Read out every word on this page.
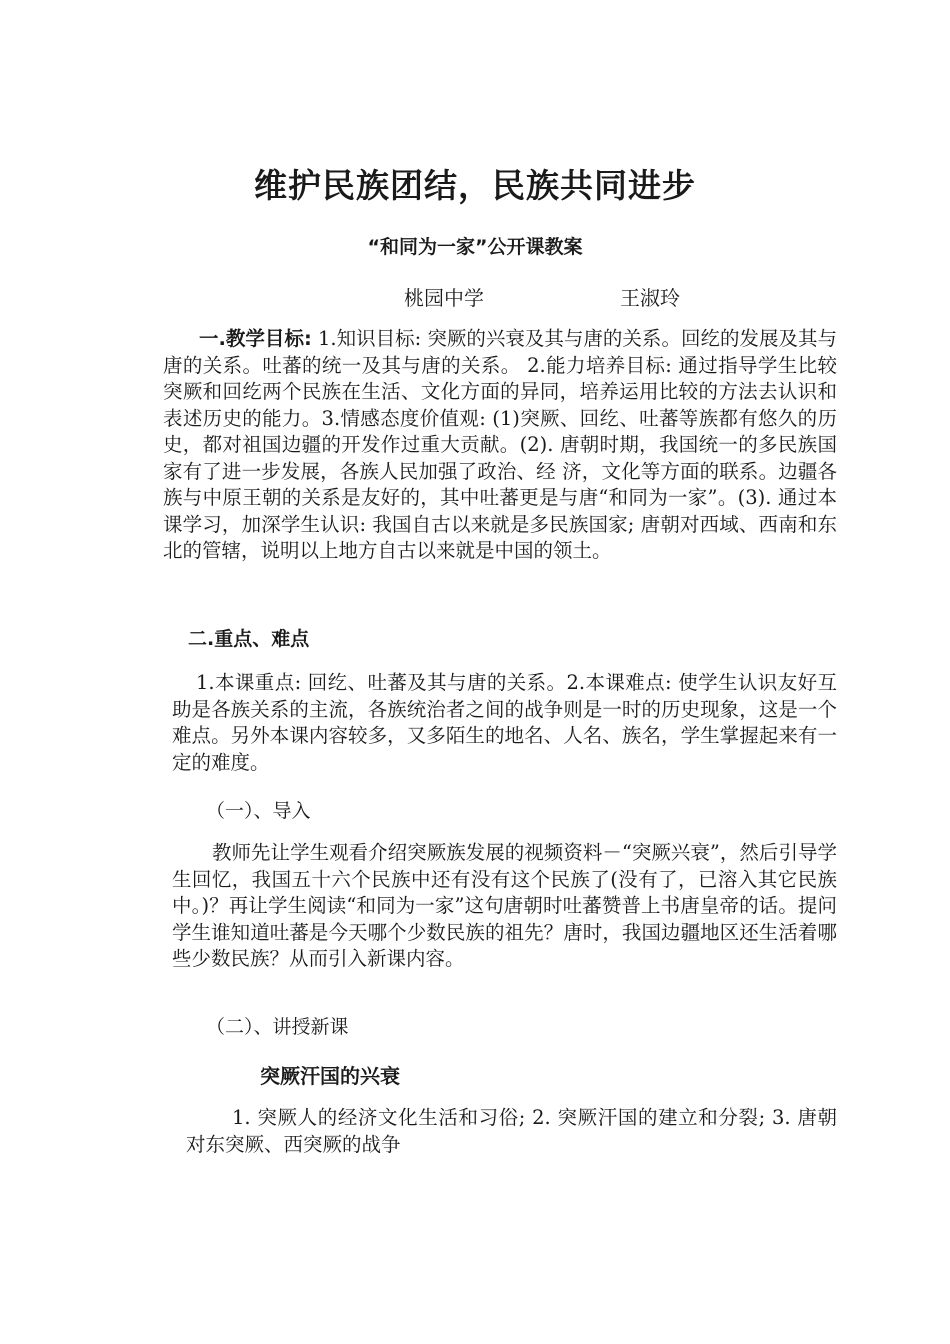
维护民族团结，民族共同进步
“和同为一家”公开课教案
桃园中学	王淑玲
一.教学目标: 1.知识目标: 突厥的兴衰及其与唐的关系。回纥的发展及其与唐的关系。吐蕃的统一及其与唐的关系。 2.能力培养目标: 通过指导学生比较突厥和回纥两个民族在生活、文化方面的异同，培养运用比较的方法去认识和表述历史的能力。3.情感态度价值观: (1)突厥、回纥、吐蕃等族都有悠久的历史，都对祖国边疆的开发作过重大贡献。(2). 唐朝时期，我国统一的多民族国家有了进一步发展，各族人民加强了政治、经 济，文化等方面的联系。边疆各族与中原王朝的关系是友好的，其中吐蕃更是与唐“和同为一家”。(3). 通过本课学习，加深学生认识: 我国自古以来就是多民族国家; 唐朝对西域、西南和东北的管辖，说明以上地方自古以来就是中国的领土。
二.重点、难点
1.本课重点: 回纥、吐蕃及其与唐的关系。2.本课难点: 使学生认识友好互助是各族关系的主流，各族统治者之间的战争则是一时的历史现象，这是一个难点。另外本课内容较多，又多陌生的地名、人名、族名，学生掌握起来有一定的难度。
（一）、导入
教师先让学生观看介绍突厥族发展的视频资料－“突厥兴衰”，然后引导学生回忆，我国五十六个民族中还有没有这个民族了(没有了，已溶入其它民族中。)？再让学生阅读“和同为一家”这句唐朝时吐蕃赞普上书唐皇帝的话。提问学生谁知道吐蕃是今天哪个少数民族的祖先？唐时，我国边疆地区还生活着哪些少数民族？从而引入新课内容。
（二）、讲授新课
突厥汗国的兴衰
1. 突厥人的经济文化生活和习俗; 2. 突厥汗国的建立和分裂; 3. 唐朝对东突厥、西突厥的战争
